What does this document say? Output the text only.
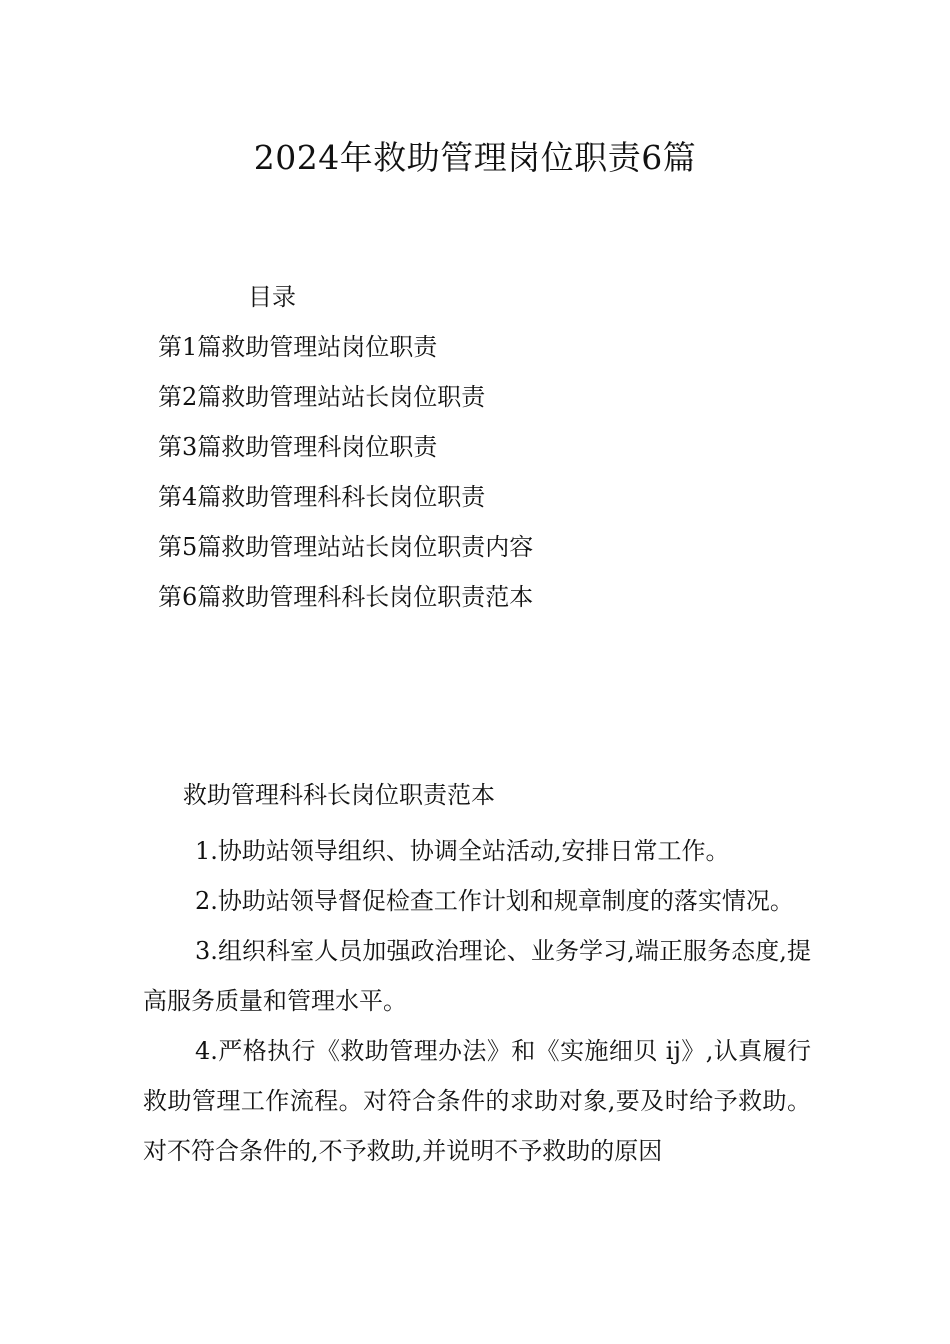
2024年救助管理岗位职责6篇
目录
第1篇救助管理站岗位职责
第2篇救助管理站站长岗位职责
第3篇救助管理科岗位职责
第4篇救助管理科科长岗位职责
第5篇救助管理站站长岗位职责内容
第6篇救助管理科科长岗位职责范本
救助管理科科长岗位职责范本

1.协助站领导组织、协调全站活动,安排日常工作。

2.协助站领导督促检查工作计划和规章制度的落实情况。

3.组织科室人员加强政治理论、业务学习,端正服务态度,提高服务质量和管理水平。

4.严格执行《救助管理办法》和《实施细贝 ij》,认真履行救助管理工作流程。对符合条件的求助对象,要及时给予救助。对不符合条件的,不予救助,并说明不予救助的原因
